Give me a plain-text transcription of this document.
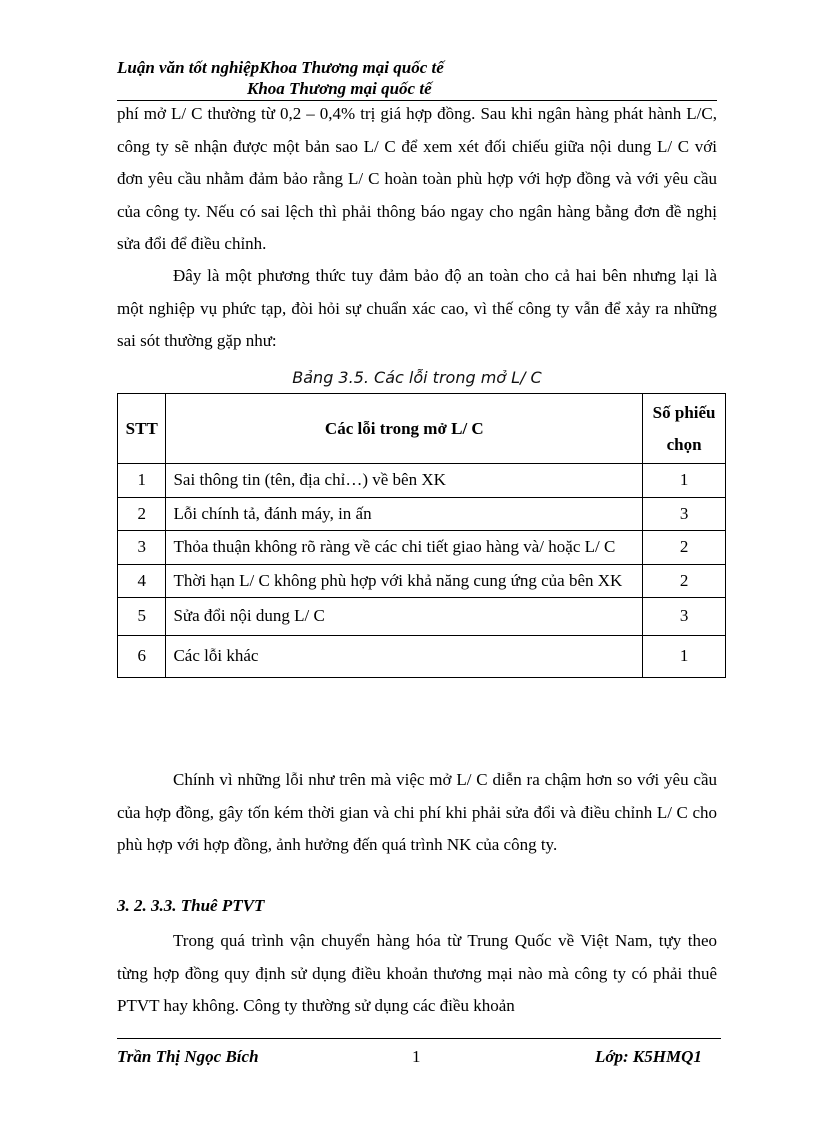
Luận văn tốt nghiệpKhoa Thương mại quốc tế
Khoa Thương mại quốc tế

phí mở L/ C thường từ 0,2 – 0,4% trị giá hợp đồng. Sau khi ngân hàng phát hành L/C, công ty sẽ nhận được một bản sao L/ C để xem xét đối chiếu giữa nội dung L/ C với đơn yêu cầu nhằm đảm bảo rằng L/ C hoàn toàn phù hợp với hợp đồng và với yêu cầu của công ty. Nếu có sai lệch thì phải thông báo ngay cho ngân hàng bằng đơn đề nghị sửa đổi để điều chỉnh.

Đây là một phương thức tuy đảm bảo độ an toàn cho cả hai bên nhưng lại là một nghiệp vụ phức tạp, đòi hỏi sự chuẩn xác cao, vì thế công ty vẫn để xảy ra những sai sót thường gặp như:

Bảng 3.5. Các lỗi trong mở L/ C
STT	Các lỗi trong mở L/ C	Số phiếu chọn
1	Sai thông tin (tên, địa chỉ…) về bên XK	1
2	Lỗi chính tả, đánh máy, in ấn	3
3	Thỏa thuận không rõ ràng về các chi tiết giao hàng và/ hoặc L/ C	2
4	Thời hạn L/ C không phù hợp với khả năng cung ứng của bên XK	2
5	Sửa đổi nội dung L/ C	3
6	Các lỗi khác	1

Chính vì những lỗi như trên mà việc mở L/ C diễn ra chậm hơn so với yêu cầu của hợp đồng, gây tốn kém thời gian và chi phí khi phải sửa đổi và điều chỉnh L/ C cho phù hợp với hợp đồng, ảnh hưởng đến quá trình NK của công ty.

3. 2. 3.3. Thuê PTVT

Trong quá trình vận chuyển hàng hóa từ Trung Quốc về Việt Nam, tựy theo từng hợp đồng quy định sử dụng điều khoản thương mại nào mà công ty có phải thuê PTVT hay không. Công ty thường sử dụng các điều khoản

Trần Thị Ngọc Bích	1	Lớp: K5HMQ1
